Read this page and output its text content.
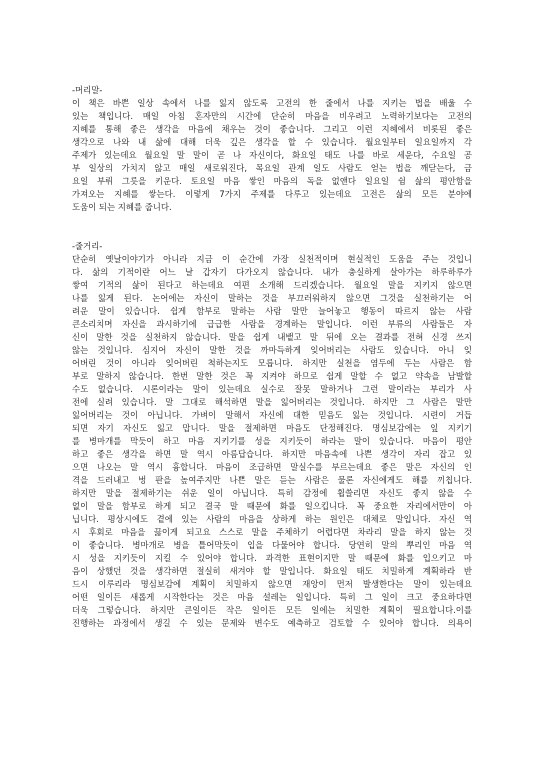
-머리말-
이 책은 바쁜 일상 속에서 나를 잃지 않도록 고전의 한 줄에서 나를 지키는 법을 배울 수
있는 책입니다. 매일 아침 혼자만의 시간에 단순히 마음을 비우려고 노력하기보다는 고전의
지혜를 통해 좋은 생각을 마음에 채우는 것이 좋습니다. 그리고 이런 지혜에서 비롯된 좋은
생각으로 나와 내 삶에 대해 더욱 깊은 생각을 할 수 있습니다. 월요일부터 일요일까지 각
주제가 있는데요 월요일 말 말이 곧 나 자신이다, 화요일 태도 나를 바로 세운다, 수요일 공
부 일상의 가치지 않고 매일 새로워진다, 목요일 관계 일도 사람도 얻는 법을 깨닫는다, 금
요일 부뤼 그릇을 키운다. 토요일 마음 쌓인 마음의 독을 없앤다 일요일 쉼 삶의 평안함을
가져오는 지혜를 쌓는다. 이렇게 7가지 주제를 다루고 있는데요 고전은 삶의 모든 분야에
도움이 되는 지혜를 줍니다.
-줄거리-
단순히 옛날이야기가 아니라 지금 이 순간에 가장 실천적이며 현실적인 도움을 주는 것입니
다. 삶의 기적이란 어느 날 갑자기 다가오지 않습니다. 내가 충실하게 살아가는 하루하루가
쌓여 기적의 삶이 된다고 하는데요 여편 소개해 드리겠습니다. 월요일 말을 지키지 않으면
나를 잃게 된다. 논어에는 자신이 말하는 것을 부끄러워하지 않으면 그것을 실천하기는 어
려운 말이 있습니다. 쉽게 함부로 말하는 사람 말만 늘어놓고 행동이 따르지 않는 사람
큰소리치며 자신을 과시하기에 급급한 사람을 경계하는 말입니다. 이런 부류의 사람들은 자
신이 말한 것을 실천하지 않습니다. 말을 쉽게 내뱉고 말 뒤에 오는 결과를 전혀 신경 쓰지
않는 것입니다. 심지어 자신이 말한 것을 까마득하게 잊어버리는 사람도 있습니다. 아니 잊
어버린 것이 아니라 잊어버린 척하는지도 모릅니다. 하지만 실천을 염두에 두는 사람은 함
부로 말하지 않습니다. 한번 말한 것은 꼭 지켜야 하므로 쉽게 말할 수 없고 약속을 남발할
수도 없습니다. 시론이라는 말이 있는데요 실수로 잘못 말하거나 그런 말이라는 부리가 사
전에 실려 있습니다. 말 그대로 해석하면 말을 잃어버리는 것입니다. 하지만 그 사람은 말만
잃어버리는 것이 아닙니다. 가벼이 말해서 자신에 대한 믿음도 잃는 것입니다. 시련이 거듭
되면 자기 자신도 잃고 맙니다. 말을 절제하면 마음도 단정해진다. 명심보감에는 잎 지키기
를 병마개를 막듯이 하고 마음 지키기를 성을 지키듯이 하라는 말이 있습니다. 마음이 평안
하고 좋은 생각을 하면 말 역시 아름답습니다. 하지만 마음속에 나쁜 생각이 자리 잡고 있
으면 나오는 말 역시 흉합니다. 마음이 조급하면 말실수를 부르는데요 좋은 말은 자신의 인
격을 드러내고 벙 판을 높여주지만 나쁜 말은 듣는 사람은 물론 자신에게도 해를 끼칩니다.
하지만 말을 절제하기는 쉬운 일이 아닙니다. 특히 감정에 휩쓸리면 자신도 좋지 않을 수
없이 말을 함부로 하게 되고 결국 말 때문에 화를 일으킵니다. 꼭 중요한 자리에서만이 아
닙니다. 평상시에도 곁에 있는 사람의 마음을 상하게 하는 원인은 대체로 말입니다. 자신 역
시 후회로 마음을 끓이게 되고요 스스로 말을 주체하기 어렵다면 차라리 말을 하지 않는 것
이 좋습니다. 병마개로 병을 틀어막듯이 입을 다물어야 합니다. 당연히 말의 뿌리인 마음 역
시 성을 지키듯이 지킬 수 있어야 합니다. 과격한 표현이지만 말 때문에 화를 입으키고 마
음이 상했던 것을 생각하면 절실히 새겨야 할 말입니다. 화요일 태도 치밀하게 계획하라 반
드시 이루리라 명심보감에 계획이 치밀하지 않으면 재앙이 먼저 발생한다는 말이 있는데요
어떤 일이든 새롭게 시작한다는 것은 마음 설레는 일입니다. 특히 그 일이 크고 중요하다면
더욱 그렇습니다. 하지만 큰일이든 작은 일이든 모든 일에는 치밀한 계획이 필요합니다.이를
진행하는 과정에서 생길 수 있는 문제와 변수도 예측하고 검토할 수 있어야 합니다. 의욕이
